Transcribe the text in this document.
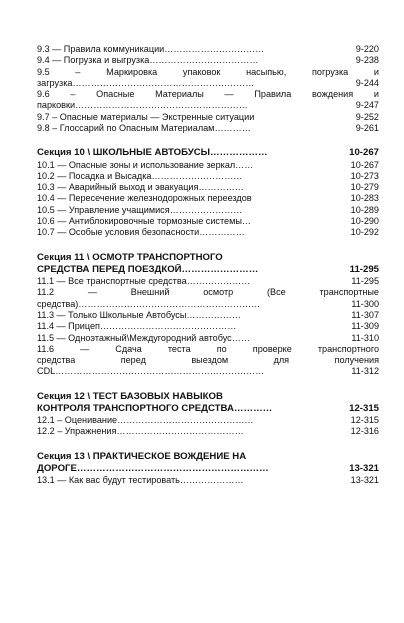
9.3 — Правила коммуникации……………………………	9-220
9.4 — Погрузка и выгрузка………………………………	9-238
9.5 – Маркировка упаковок насыпью, погрузка и
загрузка……………………………………………………	9-244
9.6 – Опасные Материалы — Правила вождения и
парковки…………………………………………………	9-247
9.7 – Опасные материалы — Экстренные ситуации	9-252
9.8 – Глоссарий по Опасным Материалам…………	9-261
Секция 10 \ ШКОЛЬНЫЕ АВТОБУСЫ………………	10-267
10.1 — Опасные зоны и использование зеркал……	10-267
10.2 — Посадка и Высадка…………………………	10-273
10.3 — Аварийный выход и эвакуация……………	10-279
10.4 — Пересечение железнодорожных переездов	10-283
10.5 — Управление учащимися……………………	10-289
10.6 — Антиблокировочные тормозные системы…	10-290
10.7 — Особые условия безопасности……………	10-292
Секция 11 \ ОСМОТР ТРАНСПОРТНОГО
СРЕДСТВА ПЕРЕД ПОЕЗДКОЙ……………………	11-295
11.1 — Все транспортные средства…………………	11-295
11.2 — Внешний осмотр (Все транспортные
средства)……………………………………………………	11-300
11.3 — Только Школьные Автобусы………………	11-307
11.4 — Прицеп………………………………………	11-309
11.5 — Одноэтажный\Междугородний автобус……	11-310
11.6 — Сдача теста по проверке транспортного
средства перед выездом для получения
CDL……………………………………………………………	11-312
Секция 12 \ ТЕСТ БАЗОВЫХ НАВЫКОВ
КОНТРОЛЯ ТРАНСПОРТНОГО СРЕДСТВА…………	12-315
12.1 – Оценивание………………………………………	12-315
12.2 – Упражнения……………………………………	12-316
Секция 13 \ ПРАКТИЧЕСКОЕ ВОЖДЕНИЕ НА
ДОРОГЕ……………………………………………………	13-321
13.1 — Как вас будут тестировать…………………	13-321
